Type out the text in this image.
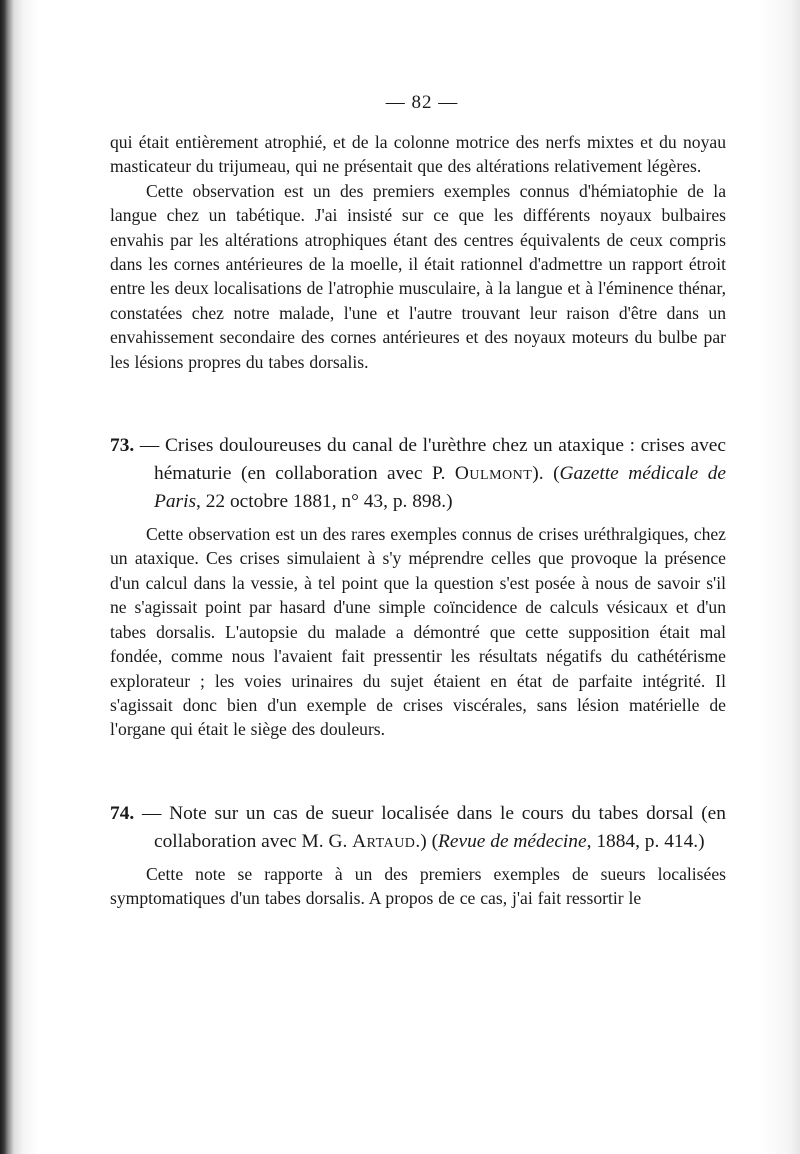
— 82 —

qui était entièrement atrophié, et de la colonne motrice des nerfs mixtes et du noyau masticateur du trijumeau, qui ne présentait que des altérations relativement légères.

Cette observation est un des premiers exemples connus d'hémiatophie de la langue chez un tabétique. J'ai insisté sur ce que les différents noyaux bulbaires envahis par les altérations atrophiques étant des centres équivalents de ceux compris dans les cornes antérieures de la moelle, il était rationnel d'admettre un rapport étroit entre les deux localisations de l'atrophie musculaire, à la langue et à l'éminence thénar, constatées chez notre malade, l'une et l'autre trouvant leur raison d'être dans un envahissement secondaire des cornes antérieures et des noyaux moteurs du bulbe par les lésions propres du tabes dorsalis.

73. — Crises douloureuses du canal de l'urèthre chez un ataxique : crises avec hématurie (en collaboration avec P. Oulmont). (Gazette médicale de Paris, 22 octobre 1881, n° 43, p. 898.)

Cette observation est un des rares exemples connus de crises uréthralgiques, chez un ataxique. Ces crises simulaient à s'y méprendre celles que provoque la présence d'un calcul dans la vessie, à tel point que la question s'est posée à nous de savoir s'il ne s'agissait point par hasard d'une simple coïncidence de calculs vésicaux et d'un tabes dorsalis. L'autopsie du malade a démontré que cette supposition était mal fondée, comme nous l'avaient fait pressentir les résultats négatifs du cathétérisme explorateur ; les voies urinaires du sujet étaient en état de parfaite intégrité. Il s'agissait donc bien d'un exemple de crises viscérales, sans lésion matérielle de l'organe qui était le siège des douleurs.

74. — Note sur un cas de sueur localisée dans le cours du tabes dorsal (en collaboration avec M. G. Artaud.) (Revue de médecine, 1884, p. 414.)

Cette note se rapporte à un des premiers exemples de sueurs localisées symptomatiques d'un tabes dorsalis. A propos de ce cas, j'ai fait ressortir le
